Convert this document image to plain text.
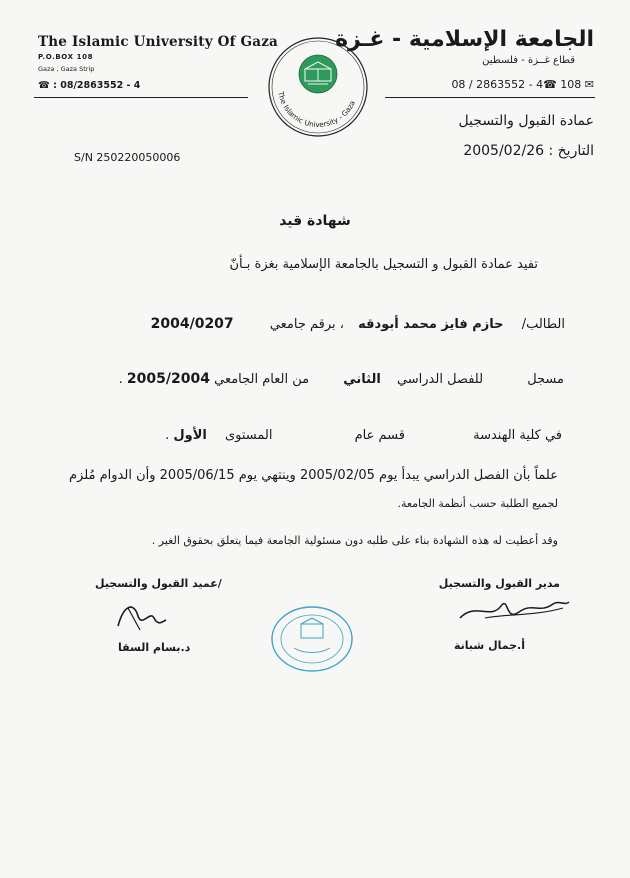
The Islamic University Of Gaza
P.O.BOX 108
Gaza , Gaza Strip
☎ : 08/2863552 - 4
الجامعة الإسلامية - غـزة
قطاع غــزة - فلسطين
08 / 2863552 - 4☎ 108 ✉
عمادة القبول والتسجيل
التاريخ : 2005/02/26
The Islamic University - Gaza
S/N 250220050006
شهادة قيد
تفيد عمادة القبول و التسجيل بالجامعة الإسلامية بغزة بـأنّ
الطالب/ حازم فايز محمد أبودقه ، برقم جامعي 2004/0207
مسجل للفصل الدراسي الثاني من العام الجامعي 2005/2004 .
في كلية الهندسة قسم عام المستوى الأول .
علماً بأن الفصل الدراسي يبدأ يوم 2005/02/05 وينتهي يوم 2005/06/15 وأن الدوام مُلزم
لجميع الطلبة حسب أنظمة الجامعة.
وقد أعطيت له هذه الشهادة بناء على طلبه دون مسئولية الجامعة فيما يتعلق بحقوق الغير .
مدير القبول والتسجيل
/عميد القبول والتسجيل
أ.جمال شبانة
د.بسام السقا
